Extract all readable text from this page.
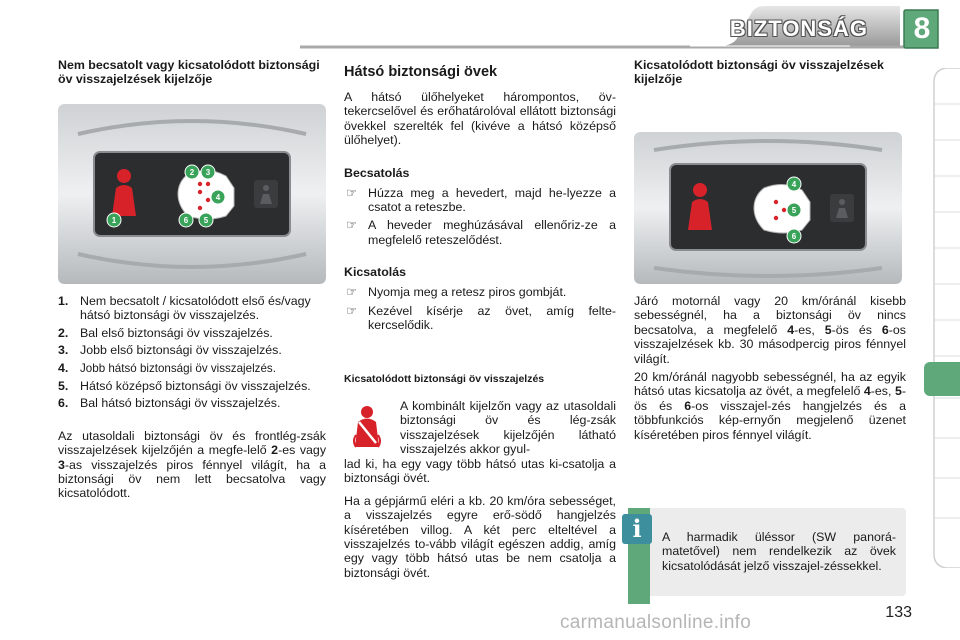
BIZTONSÁG	8
Nem becsatolt vagy kicsatolódott biztonsági öv visszajelzések kijelzője
1
2 3
4
5
6
1. Nem becsatolt / kicsatolódott első és/vagy hátsó biztonsági öv visszajelzés.
2. Bal első biztonsági öv visszajelzés.
3. Jobb első biztonsági öv visszajelzés.
4. Jobb hátsó biztonsági öv visszajelzés.
5. Hátsó középső biztonsági öv visszajelzés.
6. Bal hátsó biztonsági öv visszajelzés.

Az utasoldali biztonsági öv és frontlég-zsák visszajelzések kijelzőjén a megfe-lelő 2-es vagy 3-as visszajelzés piros fénnyel világít, ha a biztonsági öv nem lett becsatolva vagy kicsatolódott.

Hátsó biztonsági övek

A hátsó ülőhelyeket hárompontos, öv-tekercselővel és erőhatárolóval ellátott biztonsági övekkel szerelték fel (kivéve a hátsó középső ülőhelyet).

Becsatolás
☞ Húzza meg a hevedert, majd he-lyezze a csatot a reteszbe.
☞ A heveder meghúzásával ellenőriz-ze a megfelelő reteszelődést.
Kicsatolás
☞ Nyomja meg a retesz piros gombját.
☞ Kezével kísérje az övet, amíg felte-kercselődik.
Kicsatolódott biztonsági öv visszajelzés

A kombinált kijelzőn vagy az utasoldali biztonsági öv és lég-zsák visszajelzések kijelzőjén látható visszajelzés akkor gyul-

lad ki, ha egy vagy több hátsó utas ki-csatolja a biztonsági övét.

Ha a gépjármű eléri a kb. 20 km/óra sebességet, a visszajelzés egyre erő-södő hangjelzés kíséretében villog. A két perc elteltével a visszajelzés to-vább világít egészen addig, amíg egy vagy több hátsó utas be nem csatolja a biztonsági övét.

Kicsatolódott biztonsági öv visszajelzések kijelzője
4
5
6

Járó motornál vagy 20 km/óránál kisebb sebességnél, ha a biztonsági öv nincs becsatolva, a megfelelő 4-es, 5-ös és 6-os visszajelzések kb. 30 másodpercig piros fénnyel világít.

20 km/óránál nagyobb sebességnél, ha az egyik hátsó utas kicsatolja az övét, a megfelelő 4-es, 5-ös és 6-os visszajel-zés hangjelzés és a többfunkciós kép-ernyőn megjelenő üzenet kíséretében piros fénnyel világít.

i	A harmadik üléssor (SW panorá-matetővel) nem rendelkezik az övek kicsatolódását jelző visszajel-zéssekkel.
133
carmanualsonline.info
